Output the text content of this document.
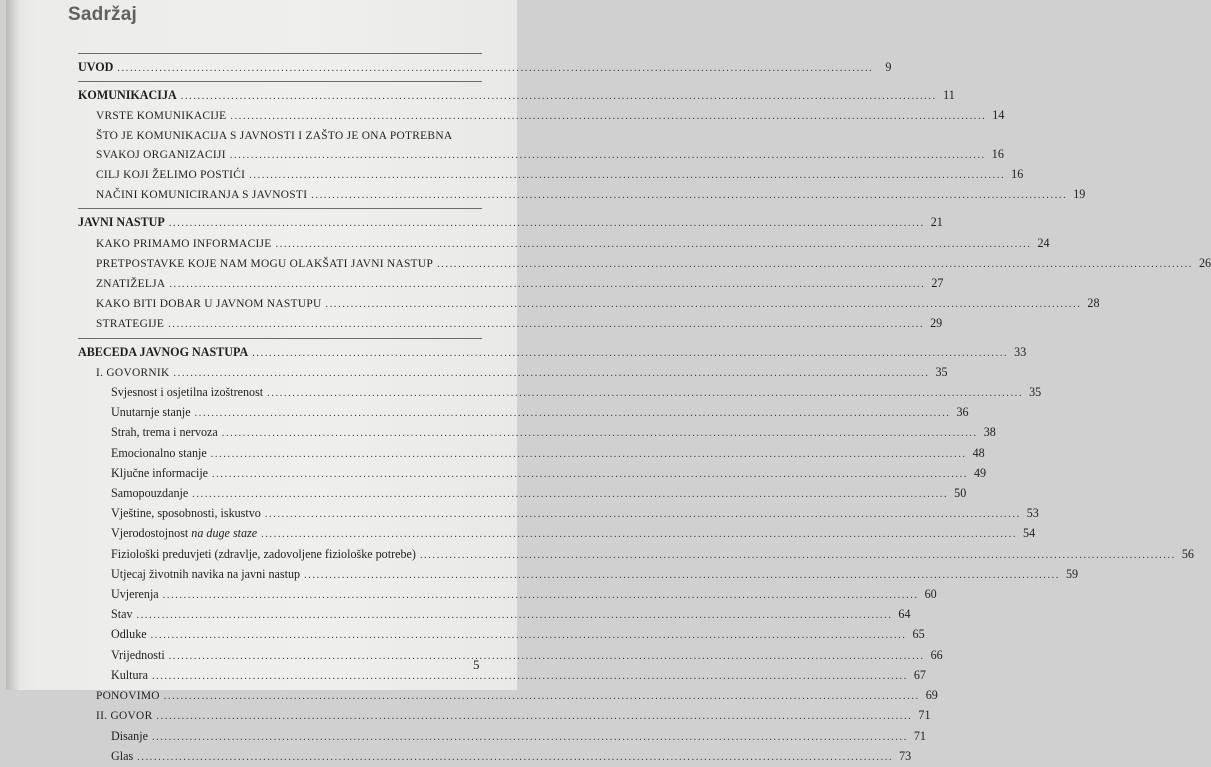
Sadržaj
UVOD .....	9
KOMUNIKACIJA .....	11
VRSTE KOMUNIKACIJE .....	14
ŠTO JE KOMUNIKACIJA S JAVNOSTI I ZAŠTO JE ONA POTREBNA
SVAKOJ ORGANIZACIJI .....	16
CILJ KOJI ŽELIMO POSTIĆI .....	16
NAČINI KOMUNICIRANJA S JAVNOSTI .....	19
JAVNI NASTUP .....	21
KAKO PRIMAMO INFORMACIJE .....	24
PRETPOSTAVKE KOJE NAM MOGU OLAKŠATI JAVNI NASTUP .....	26
ZNATIŽELJA .....	27
KAKO BITI DOBAR U JAVNOM NASTUPU .....	28
STRATEGIJE .....	29
ABECEDA JAVNOG NASTUPA .....	33
I. GOVORNIK .....	35
Svjesnost i osjetilna izoštrenost .....	35
Unutarnje stanje .....	36
Strah, trema i nervoza .....	38
Emocionalno stanje .....	48
Ključne informacije .....	49
Samopouzdanje .....	50
Vještine, sposobnosti, iskustvo .....	53
Vjerodostojnost na duge staze .....	54
Fiziološki preduvjeti (zdravlje, zadovoljene fiziološke potrebe) .....	56
Utjecaj životnih navika na javni nastup .....	59
Uvjerenja .....	60
Stav .....	64
Odluke .....	65
Vrijednosti .....	66
Kultura .....	67
PONOVIMO .....	69
II. GOVOR .....	71
Disanje .....	71
Glas .....	73
5
